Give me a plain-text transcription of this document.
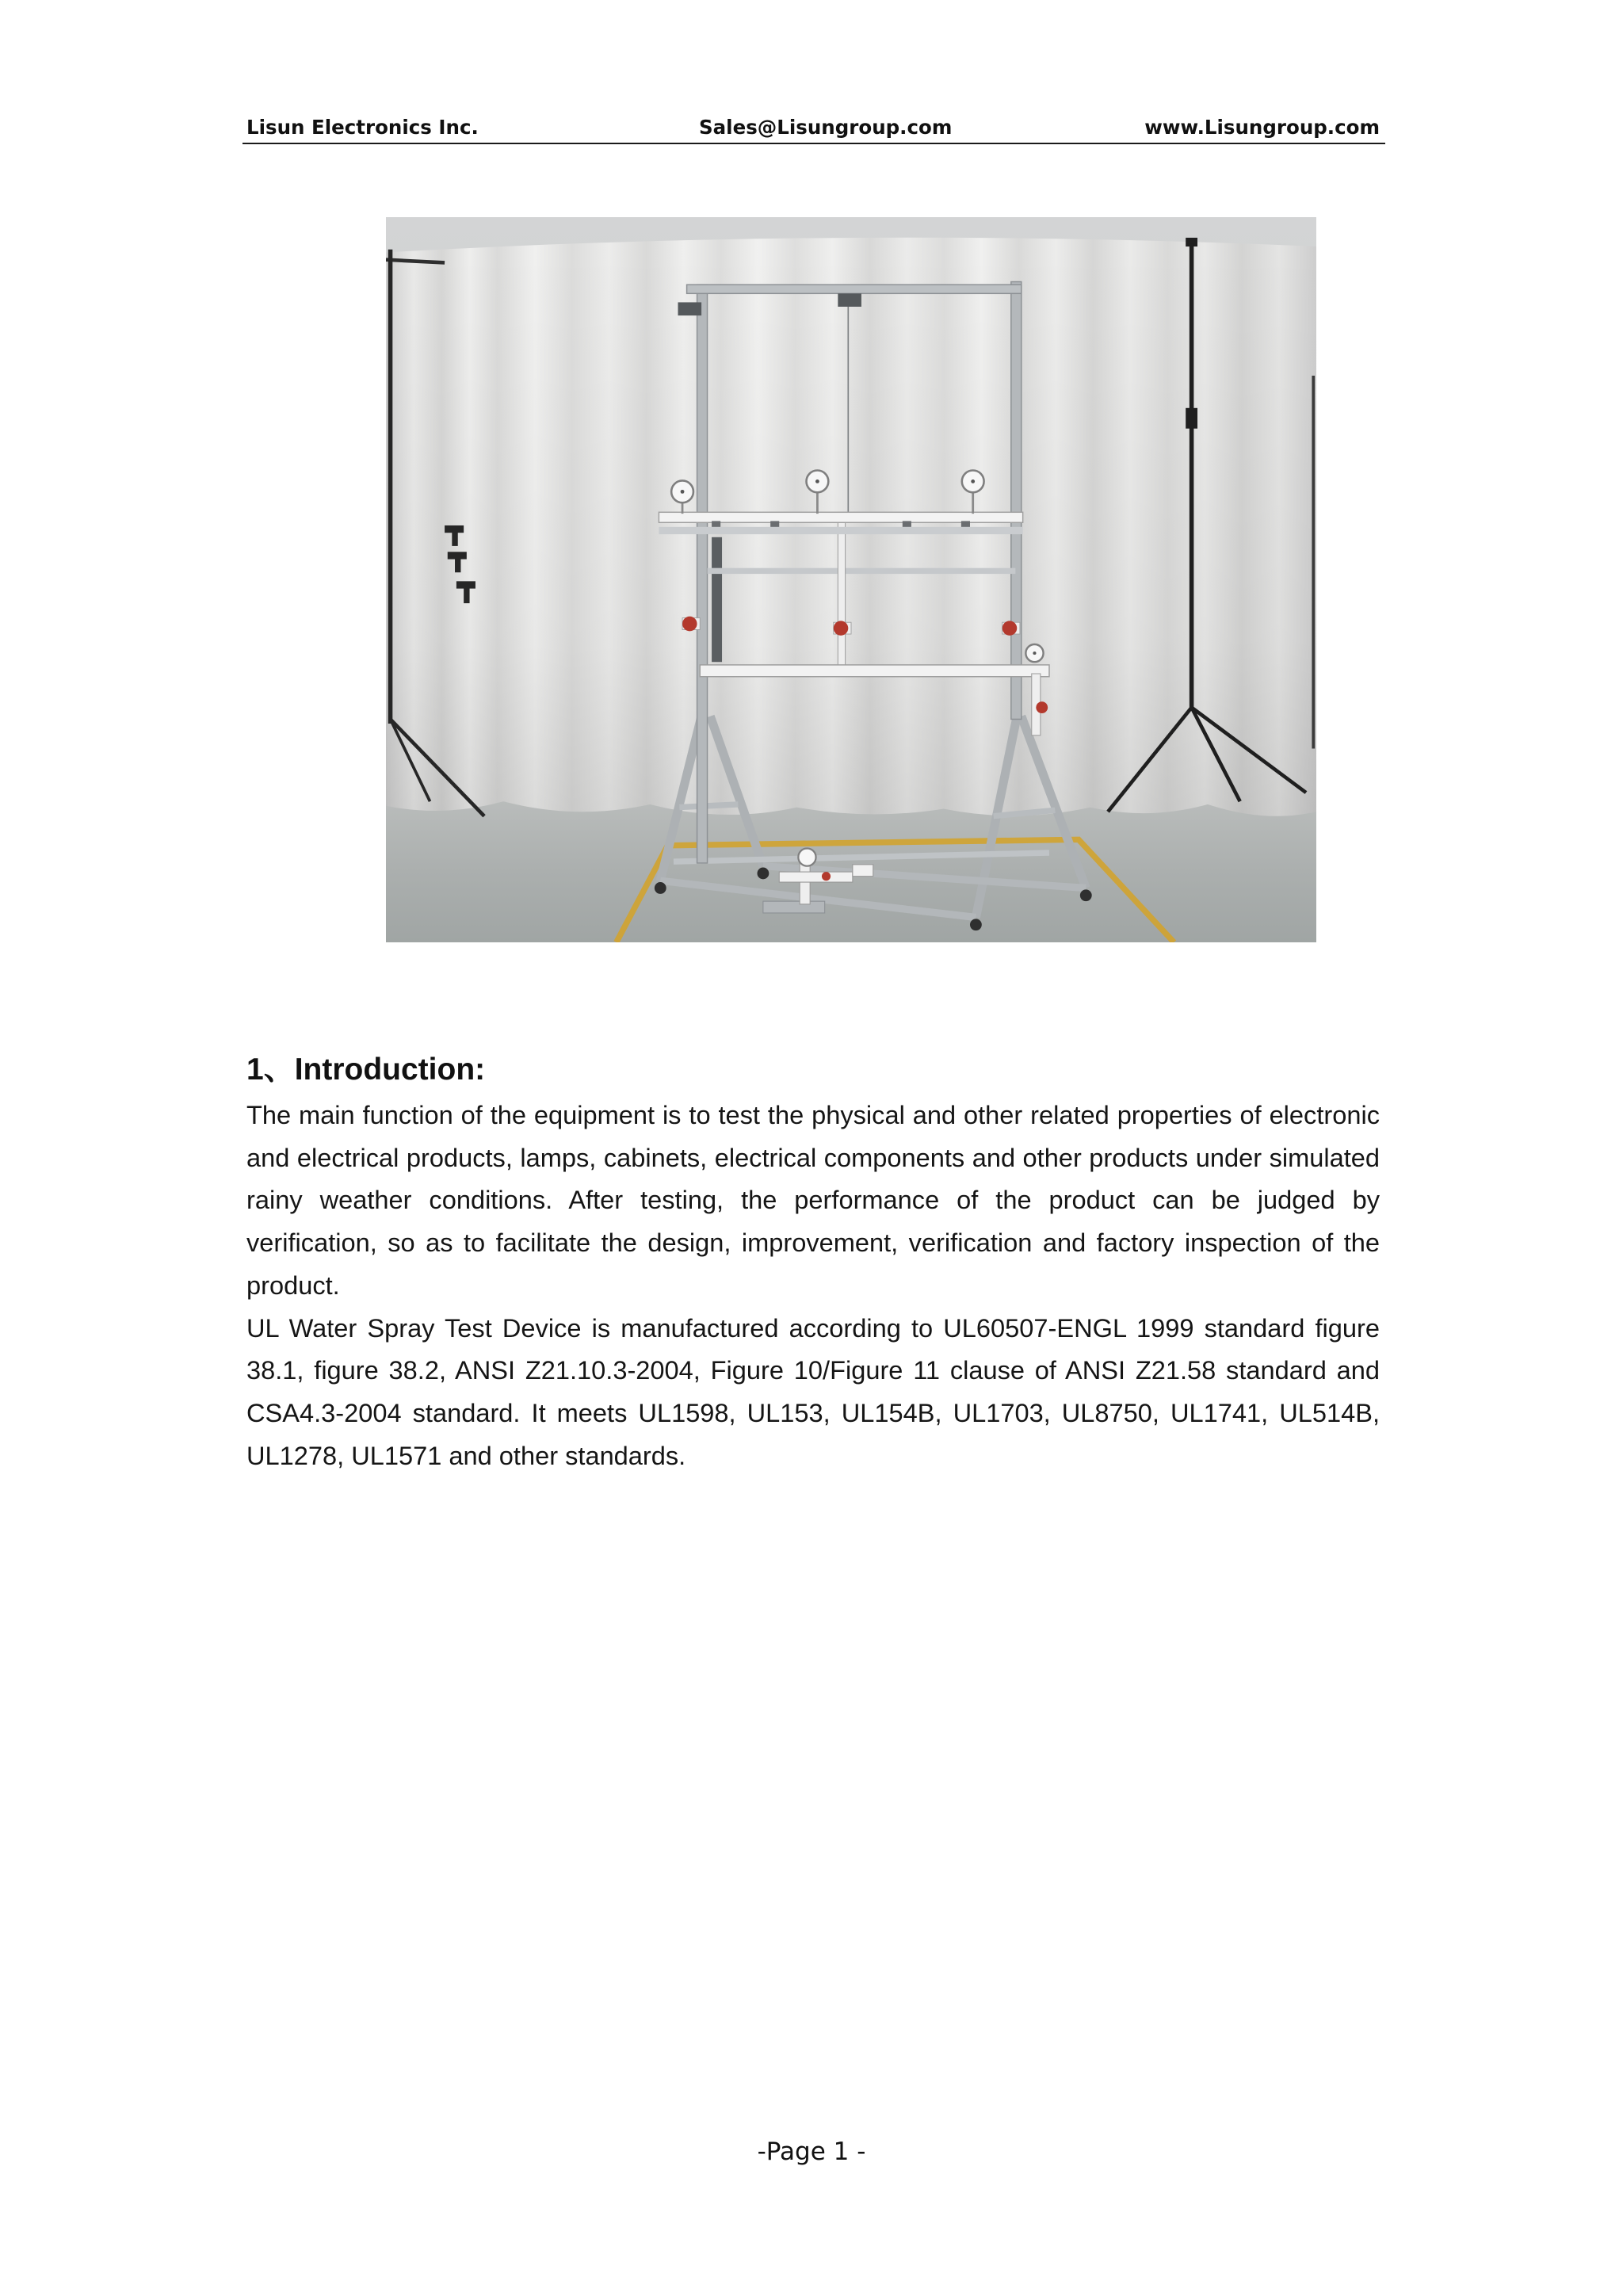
Lisun Electronics Inc.	Sales@Lisungroup.com	www.Lisungroup.com
1、Introduction:

The main function of the equipment is to test the physical and other related properties of electronic and electrical products, lamps, cabinets, electrical components and other products under simulated rainy weather conditions. After testing, the performance of the product can be judged by verification, so as to facilitate the design, improvement, verification and factory inspection of the product.

UL Water Spray Test Device is manufactured according to UL60507-ENGL 1999 standard figure 38.1, figure 38.2, ANSI Z21.10.3-2004, Figure 10/Figure 11 clause of ANSI Z21.58 standard and CSA4.3-2004 standard. It meets UL1598, UL153, UL154B, UL1703, UL8750, UL1741, UL514B, UL1278, UL1571 and other standards.

-Page 1 -
